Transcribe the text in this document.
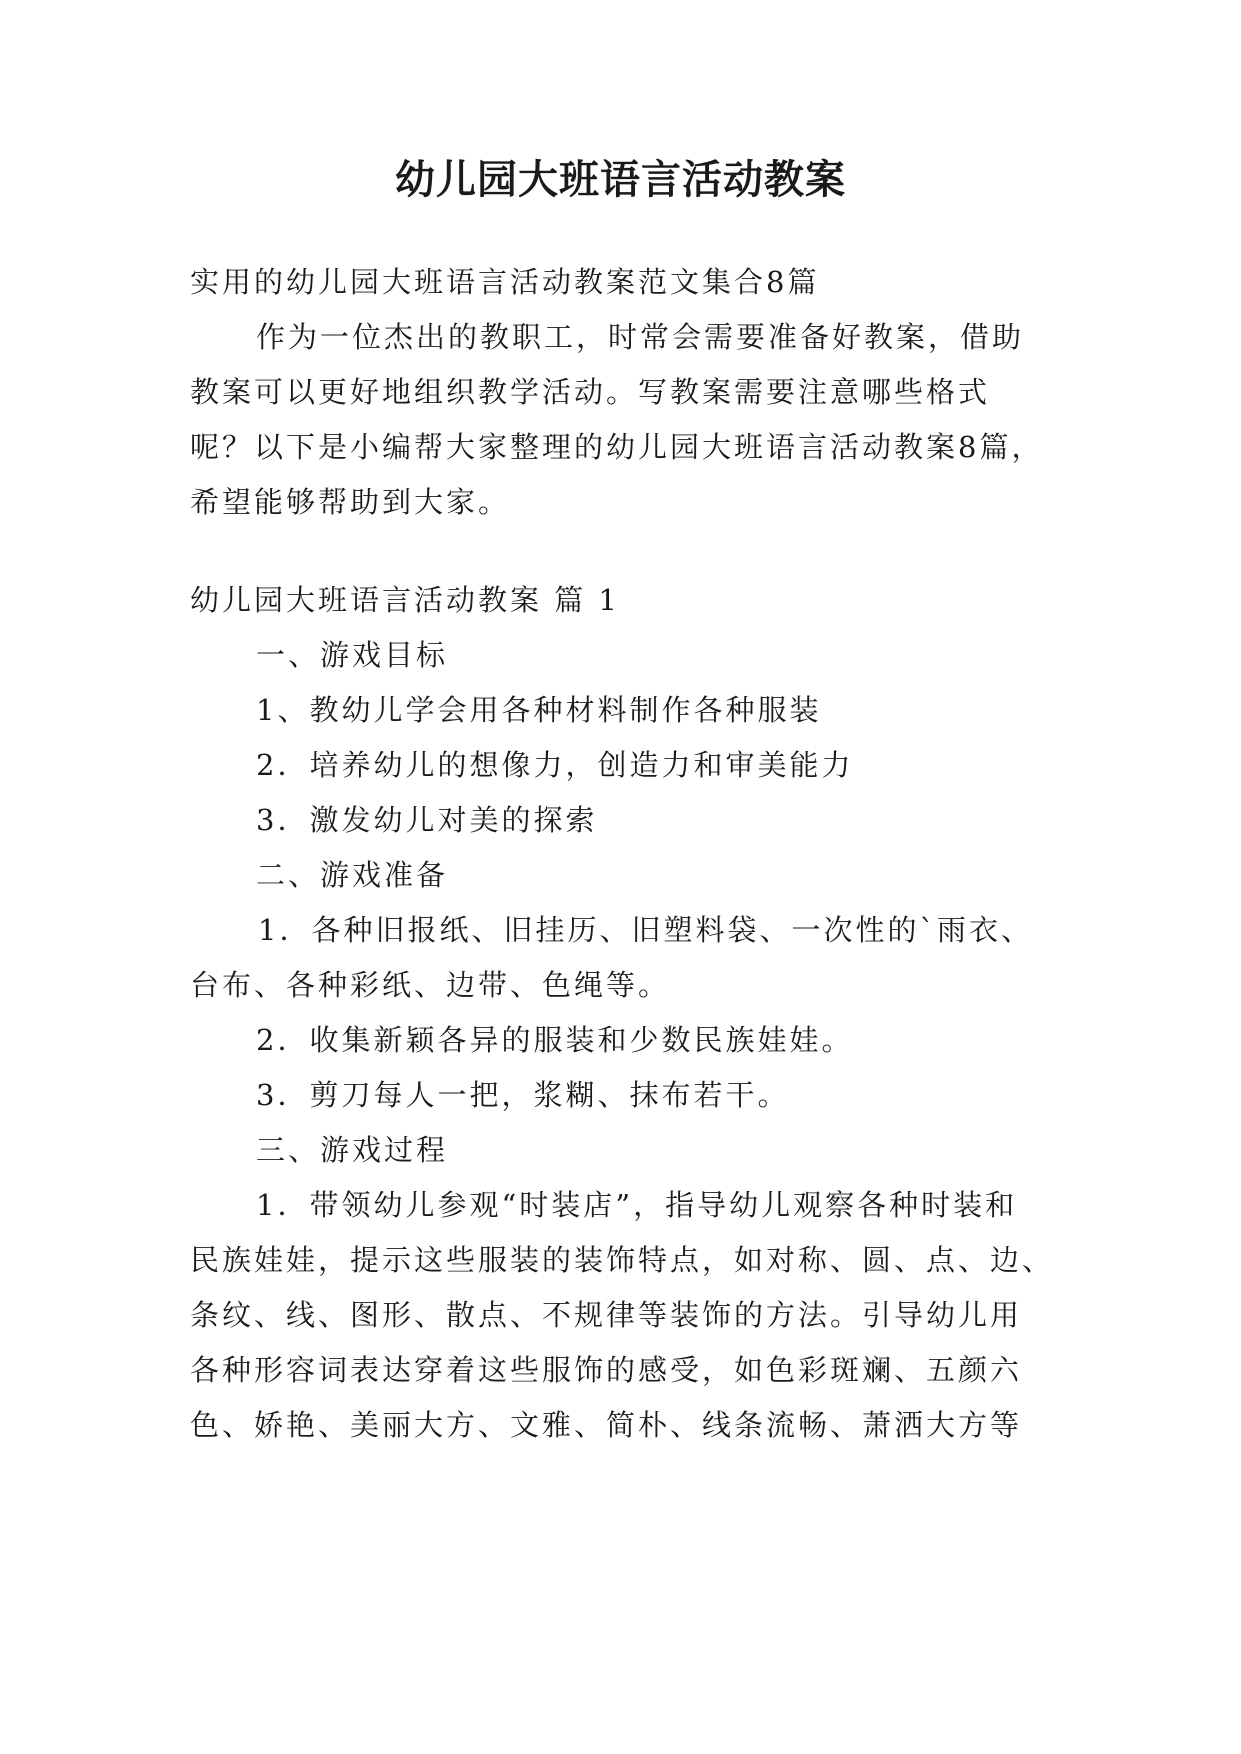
幼儿园大班语言活动教案

实用的幼儿园大班语言活动教案范文集合8篇

作为一位杰出的教职工，时常会需要准备好教案，借助

教案可以更好地组织教学活动。写教案需要注意哪些格式

呢？以下是小编帮大家整理的幼儿园大班语言活动教案8篇，

希望能够帮助到大家。

幼儿园大班语言活动教案 篇 1

一、游戏目标

1、教幼儿学会用各种材料制作各种服装

2．培养幼儿的想像力，创造力和审美能力

3．激发幼儿对美的探索

二、游戏准备

1．各种旧报纸、旧挂历、旧塑料袋、一次性的`雨衣、

台布、各种彩纸、边带、色绳等。

2．收集新颖各异的服装和少数民族娃娃。

3．剪刀每人一把，浆糊、抹布若干。

三、游戏过程

1．带领幼儿参观“时装店”，指导幼儿观察各种时装和

民族娃娃，提示这些服装的装饰特点，如对称、圆、点、边、

条纹、线、图形、散点、不规律等装饰的方法。引导幼儿用

各种形容词表达穿着这些服饰的感受，如色彩斑斓、五颜六

色、娇艳、美丽大方、文雅、简朴、线条流畅、萧洒大方等
